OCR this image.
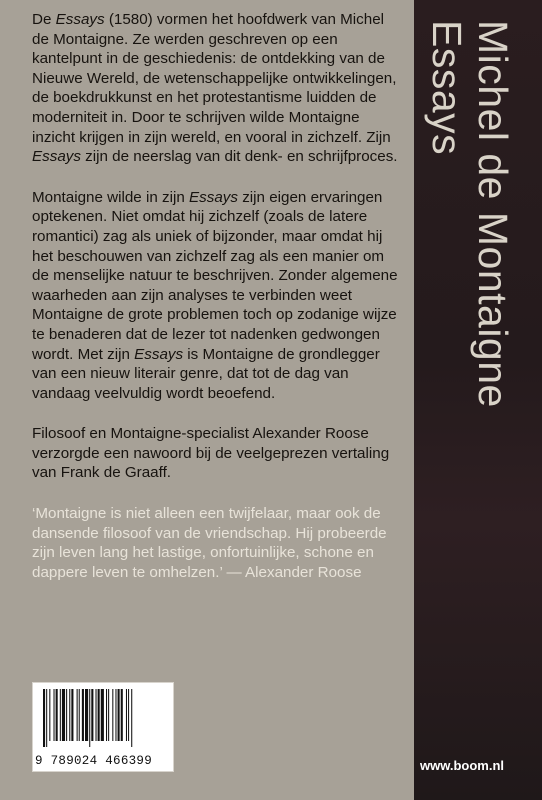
Michel de Montaigne
Essays

De Essays (1580) vormen het hoofdwerk van Michel de Montaigne. Ze werden geschreven op een kantelpunt in de geschiedenis: de ontdekking van de Nieuwe Wereld, de wetenschappelijke ontwikkelingen, de boekdrukkunst en het protestantisme luidden de moderniteit in. Door te schrijven wilde Montaigne inzicht krijgen in zijn wereld, en vooral in zichzelf. Zijn Essays zijn de neerslag van dit denk- en schrijfproces.

Montaigne wilde in zijn Essays zijn eigen ervaringen optekenen. Niet omdat hij zichzelf (zoals de latere romantici) zag als uniek of bijzonder, maar omdat hij het beschouwen van zichzelf zag als een manier om de menselijke natuur te beschrijven. Zonder algemene waarheden aan zijn analyses te verbinden weet Montaigne de grote problemen toch op zodanige wijze te benaderen dat de lezer tot nadenken gedwongen wordt. Met zijn Essays is Montaigne de grondlegger van een nieuw literair genre, dat tot de dag van vandaag veelvuldig wordt beoefend.

Filosoof en Montaigne-specialist Alexander Roose verzorgde een nawoord bij de veelgeprezen vertaling van Frank de Graaff.

‘Montaigne is niet alleen een twijfelaar, maar ook de dansende filosoof van de vriendschap. Hij probeerde zijn leven lang het lastige, onfortuinlijke, schone en dappere leven te omhelzen.’ — Alexander Roose

9 789024 466399	www.boom.nl
